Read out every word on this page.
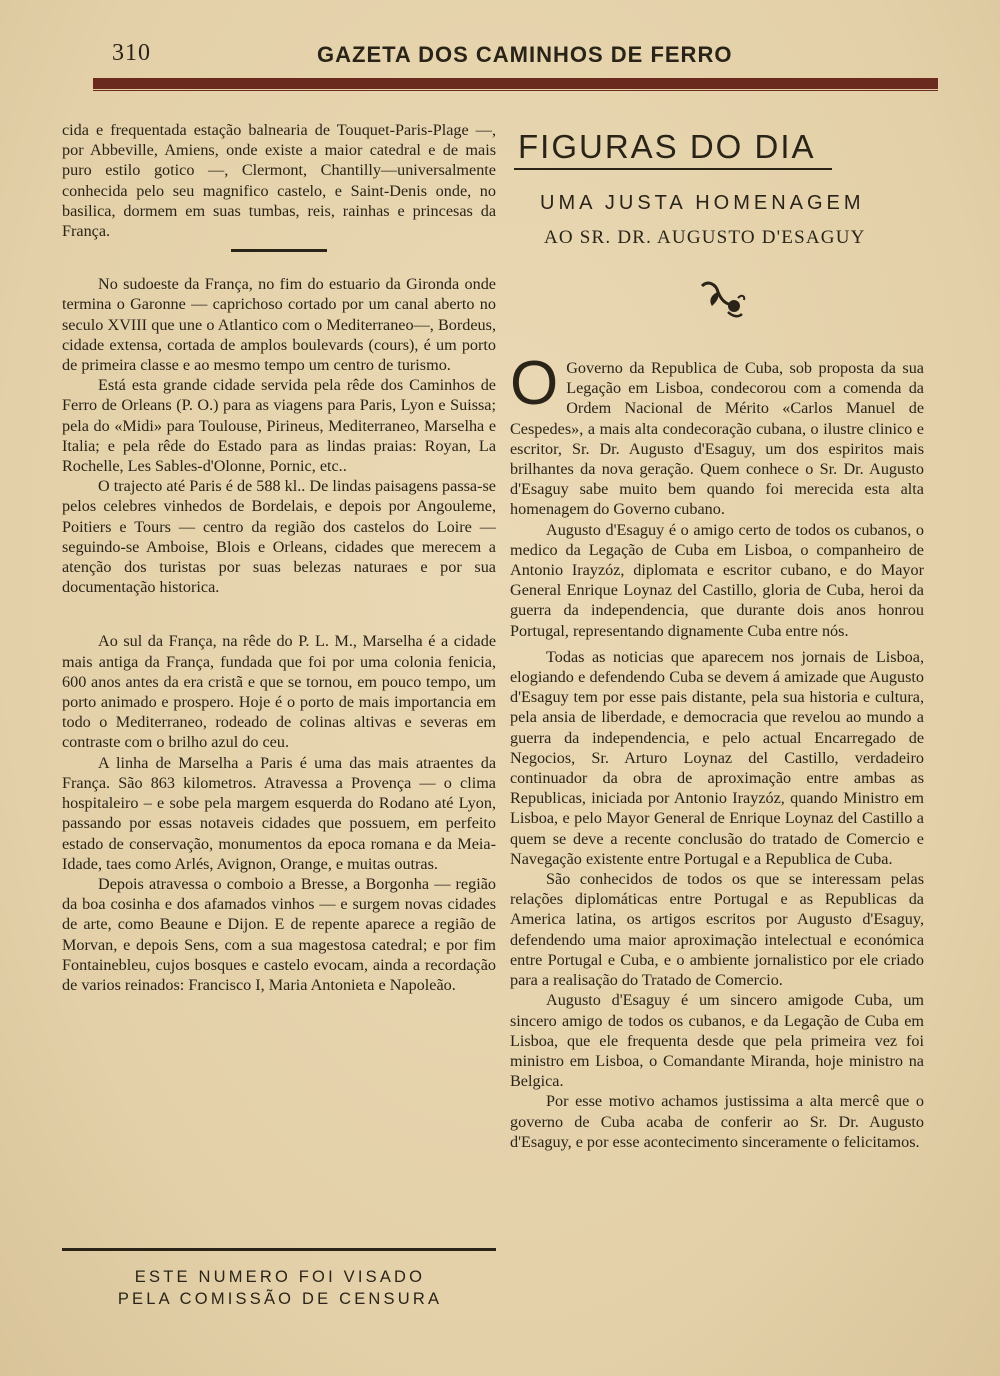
310	GAZETA DOS CAMINHOS DE FERRO

cida e frequentada estação balnearia de Touquet-Paris-Plage —, por Abbeville, Amiens, onde existe a maior catedral e de mais puro estilo gotico —, Clermont, Chantilly—universalmente conhecida pelo seu magnifico castelo, e Saint-Denis onde, no basilica, dormem em suas tumbas, reis, rainhas e princesas da França.

No sudoeste da França, no fim do estuario da Gironda onde termina o Garonne — caprichoso cortado por um canal aberto no seculo XVIII que une o Atlantico com o Mediterraneo—, Bordeus, cidade extensa, cortada de amplos boulevards (cours), é um porto de primeira classe e ao mesmo tempo um centro de turismo.

Está esta grande cidade servida pela rêde dos Caminhos de Ferro de Orleans (P. O.) para as viagens para Paris, Lyon e Suissa; pela do «Midi» para Toulouse, Pirineus, Mediterraneo, Marselha e Italia; e pela rêde do Estado para as lindas praias: Royan, La Rochelle, Les Sables-d'Olonne, Pornic, etc..

O trajecto até Paris é de 588 kl.. De lindas paisagens passa-se pelos celebres vinhedos de Bordelais, e depois por Angouleme, Poitiers e Tours — centro da região dos castelos do Loire — seguindo-se Amboise, Blois e Orleans, cidades que merecem a atenção dos turistas por suas belezas naturaes e por sua documentação historica.

Ao sul da França, na rêde do P. L. M., Marselha é a cidade mais antiga da França, fundada que foi por uma colonia fenicia, 600 anos antes da era cristã e que se tornou, em pouco tempo, um porto animado e prospero. Hoje é o porto de mais importancia em todo o Mediterraneo, rodeado de colinas altivas e severas em contraste com o brilho azul do ceu.

A linha de Marselha a Paris é uma das mais atraentes da França. São 863 kilometros. Atravessa a Provença — o clima hospitaleiro – e sobe pela margem esquerda do Rodano até Lyon, passando por essas notaveis cidades que possuem, em perfeito estado de conservação, monumentos da epoca romana e da Meia-Idade, taes como Arlés, Avignon, Orange, e muitas outras.

Depois atravessa o comboio a Bresse, a Borgonha — região da boa cosinha e dos afamados vinhos — e surgem novas cidades de arte, como Beaune e Dijon. E de repente aparece a região de Morvan, e depois Sens, com a sua magestosa catedral; e por fim Fontainebleu, cujos bosques e castelo evocam, ainda a recordação de varios reinados: Francisco I, Maria Antonieta e Napoleão.

ESTE NUMERO FOI VISADO PELA COMISSÃO DE CENSURA
FIGURAS DO DIA
UMA JUSTA HOMENAGEM
AO SR. DR. AUGUSTO D'ESAGUY

O Governo da Republica de Cuba, sob proposta da sua Legação em Lisboa, condecorou com a comenda da Ordem Nacional de Mérito «Carlos Manuel de Cespedes», a mais alta condecoração cubana, o ilustre clinico e escritor, Sr. Dr. Augusto d'Esaguy, um dos espiritos mais brilhantes da nova geração. Quem conhece o Sr. Dr. Augusto d'Esaguy sabe muito bem quando foi merecida esta alta homenagem do Governo cubano.

Augusto d'Esaguy é o amigo certo de todos os cubanos, o medico da Legação de Cuba em Lisboa, o companheiro de Antonio Irayzóz, diplomata e escritor cubano, e do Mayor General Enrique Loynaz del Castillo, gloria de Cuba, heroi da guerra da independencia, que durante dois anos honrou Portugal, representando dignamente Cuba entre nós.

Todas as noticias que aparecem nos jornais de Lisboa, elogiando e defendendo Cuba se devem á amizade que Augusto d'Esaguy tem por esse pais distante, pela sua historia e cultura, pela ansia de liberdade, e democracia que revelou ao mundo a guerra da independencia, e pelo actual Encarregado de Negocios, Sr. Arturo Loynaz del Castillo, verdadeiro continuador da obra de aproximação entre ambas as Republicas, iniciada por Antonio Irayzóz, quando Ministro em Lisboa, e pelo Mayor General de Enrique Loynaz del Castillo a quem se deve a recente conclusão do tratado de Comercio e Navegação existente entre Portugal e a Republica de Cuba.

São conhecidos de todos os que se interessam pelas relações diplomáticas entre Portugal e as Republicas da America latina, os artigos escritos por Augusto d'Esaguy, defendendo uma maior aproximação intelectual e económica entre Portugal e Cuba, e o ambiente jornalistico por ele criado para a realisação do Tratado de Comercio.

Augusto d'Esaguy é um sincero amigode Cuba, um sincero amigo de todos os cubanos, e da Legação de Cuba em Lisboa, que ele frequenta desde que pela primeira vez foi ministro em Lisboa, o Comandante Miranda, hoje ministro na Belgica.

Por esse motivo achamos justissima a alta mercê que o governo de Cuba acaba de conferir ao Sr. Dr. Augusto d'Esaguy, e por esse acontecimento sinceramente o felicitamos.
